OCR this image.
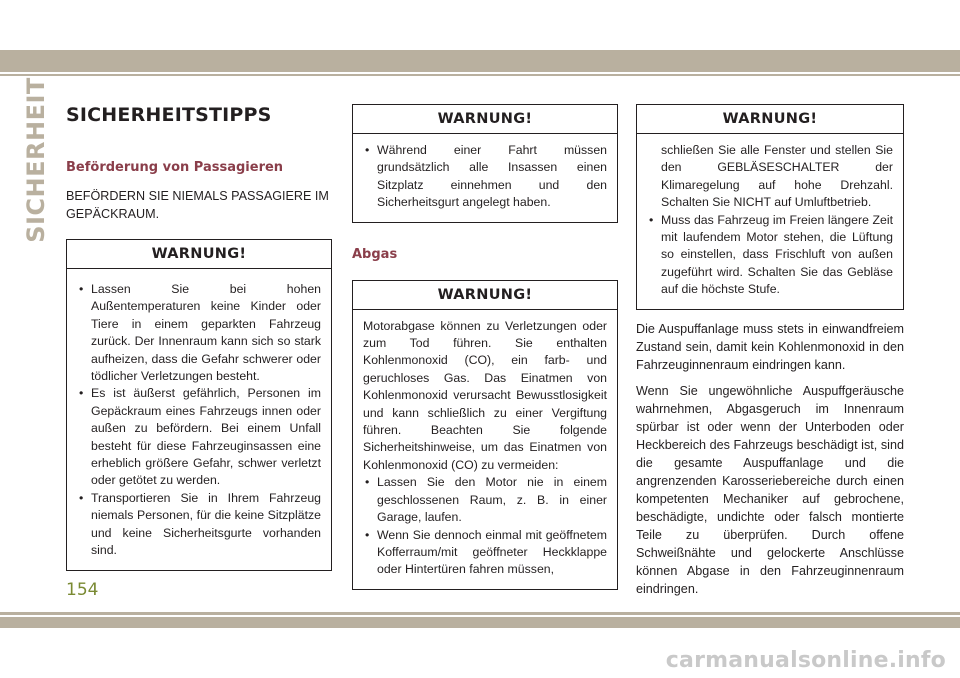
SICHERHEIT SICHERHEITSTIPPS
Beförderung von Passagieren

BEFÖRDERN SIE NIEMALS PASSAGIERE IM GEPÄCKRAUM.

WARNUNG!
• Lassen Sie bei hohen Außentemperaturen keine Kinder oder Tiere in einem geparkten Fahrzeug zurück. Der Innenraum kann sich so stark aufheizen, dass die Gefahr schwerer oder tödlicher Verletzungen besteht.
• Es ist äußerst gefährlich, Personen im Gepäckraum eines Fahrzeugs innen oder außen zu befördern. Bei einem Unfall besteht für diese Fahrzeuginsassen eine erheblich größere Gefahr, schwer verletzt oder getötet zu werden.
• Transportieren Sie in Ihrem Fahrzeug niemals Personen, für die keine Sitzplätze und keine Sicherheitsgurte vorhanden sind.
WARNUNG!
• Während einer Fahrt müssen grundsätzlich alle Insassen einen Sitzplatz einnehmen und den Sicherheitsgurt angelegt haben.
Abgas
WARNUNG!

Motorabgase können zu Verletzungen oder zum Tod führen. Sie enthalten Kohlenmonoxid (CO), ein farb- und geruchloses Gas. Das Einatmen von Kohlenmonoxid verursacht Bewusstlosigkeit und kann schließlich zu einer Vergiftung führen. Beachten Sie folgende Sicherheitshinweise, um das Einatmen von Kohlenmonoxid (CO) zu vermeiden:

• Lassen Sie den Motor nie in einem geschlossenen Raum, z. B. in einer Garage, laufen.
• Wenn Sie dennoch einmal mit geöffnetem Kofferraum/mit geöffneter Heckklappe oder Hintertüren fahren müssen,
WARNUNG!

schließen Sie alle Fenster und stellen Sie den GEBLÄSESCHALTER der Klimaregelung auf hohe Drehzahl. Schalten Sie NICHT auf Umluftbetrieb.

• Muss das Fahrzeug im Freien längere Zeit mit laufendem Motor stehen, die Lüftung so einstellen, dass Frischluft von außen zugeführt wird. Schalten Sie das Gebläse auf die höchste Stufe.

Die Auspuffanlage muss stets in einwandfreiem Zustand sein, damit kein Kohlenmonoxid in den Fahrzeuginnenraum eindringen kann.

Wenn Sie ungewöhnliche Auspuffgeräusche wahrnehmen, Abgasgeruch im Innenraum spürbar ist oder wenn der Unterboden oder Heckbereich des Fahrzeugs beschädigt ist, sind die gesamte Auspuffanlage und die angrenzenden Karosseriebereiche durch einen kompetenten Mechaniker auf gebrochene, beschädigte, undichte oder falsch montierte Teile zu überprüfen. Durch offene Schweißnähte und gelockerte Anschlüsse können Abgase in den Fahrzeuginnenraum eindringen.

154
carmanualsonline.info
